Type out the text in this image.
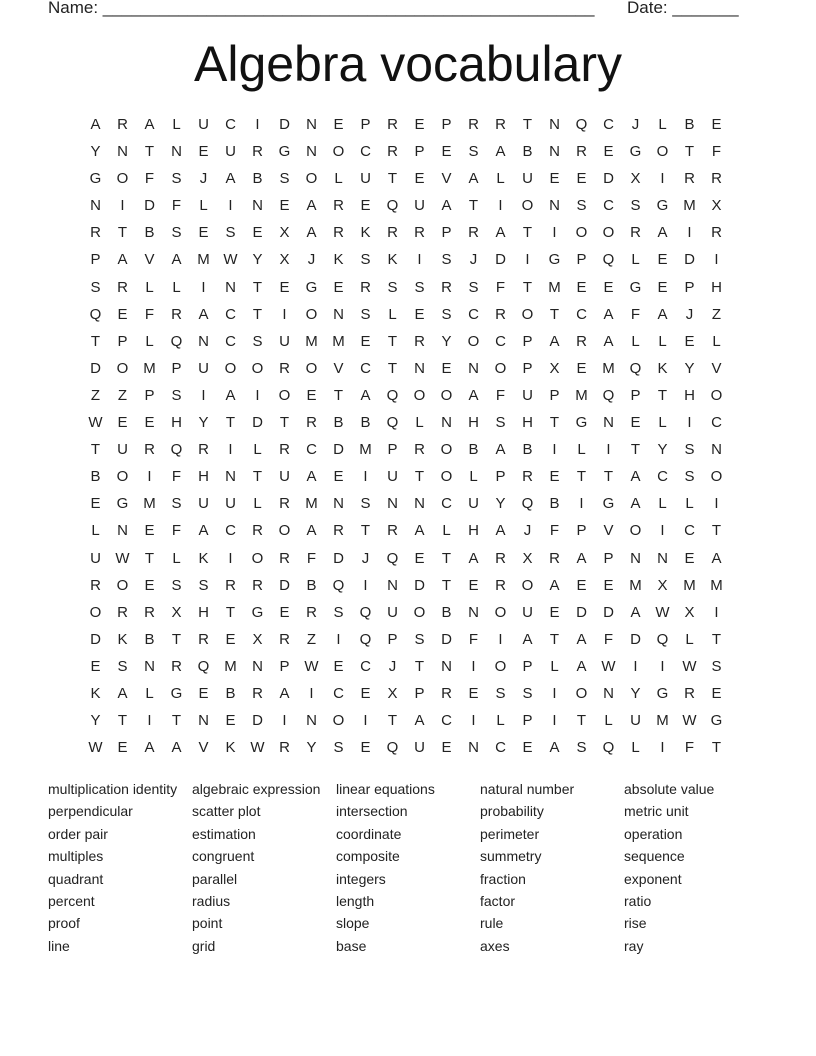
Name: ____________________________________________________ Date: _______
Algebra vocabulary
A	R	A	L	U	C	I	D	N	E	P	R	E	P	R	R	T	N	Q	C	J	L	B	E
Y	N	T	N	E	U	R	G	N	O	C	R	P	E	S	A	B	N	R	E	G	O	T	F
G	O	F	S	J	A	B	S	O	L	U	T	E	V	A	L	U	E	E	D	X	I	R	R
N	I	D	F	L	I	N	E	A	R	E	Q	U	A	T	I	O	N	S	C	S	G M	X
R	T	B	S	E	S	E	X	A	R	K	R	R	P	R	A	T	I	O	O	R	A	I	R
P	A	V	A	M W Y	X	J	K	S	K	I	S	J	D	I	G	P	Q	L	E	D	I
S	R	L	L	I	N	T	E	G	E	R	S	S	R	S	F	T	M	E	E	G	E	P	H
Q	E	F	R	A	C	T	I	O	N	S	L	E	S	C	R	O	T	C	A	F	A	J	Z
T	P	L	Q	N	C	S	U	M M	E	T	R	Y	O	C	P	A	R	A	L	L	E	L
D	O M	P	U	O	O	R	O	V	C	T	N	E	N	O	P	X	E	M Q	K	Y	V
Z	Z	P	S	I	A	I	O	E	T	A	Q	O	O	A	F	U	P	M Q	P	T	H	O
W E	E	H	Y	T	D	T	R	B	B	Q	L	N	H	S	H	T	G	N	E	L	I	C
T	U	R	Q	R	I	L	R	C	D	M	P	R	O	B	A	B	I	L	I	T	Y	S	N
B	O	I	F	H	N	T	U	A	E	I	U	T	O	L	P	R	E	T	T	A	C	S	O
E	G M	S	U	U	L	R	M	N	S	N	N	C	U	Y	Q	B	I	G	A	L	L	I
L	N	E	F	A	C	R	O	A	R	T	R	A	L	H	A	J	F	P	V	O	I	C	T
U W	T	L	K	I	O	R	F	D	J	Q	E	T	A	R	X	R	A	P	N	N	E	A
R	O	E	S	S	R	R	D	B	Q	I	N	D	T	E	R	O	A	E	E	M	X	M M
O	R	R	X	H	T	G	E	R	S	Q	U	O	B	N	O	U	E	D	D	A W X	I
D	K	B	T	R	E	X	R	Z	I	Q	P	S	D	F	I	A	T	A	F	D	Q	L	T
E	S	N	R	Q M	N	P W E	C	J	T	N	I	O	P	L	A W	I	I	W S
K	A	L	G	E	B	R	A	I	C	E	X	P	R	E	S	S	I	O	N	Y	G	R	E
Y	T	I	T	N	E	D	I	N	O	I	T	A	C	I	L	P	I	T	L	U	M W G
W E	A	A	V	K W R	Y	S	E	Q	U	E	N	C	E	A	S	Q	L	I	F	T
multiplication identity	algebraic expression	linear equations	natural number	absolute value
perpendicular	scatter plot	intersection	probability	metric unit
order pair	estimation	coordinate	perimeter	operation
multiples	congruent	composite	summetry	sequence
quadrant	parallel	integers	fraction	exponent
percent	radius	length	factor	ratio
proof	point	slope	rule	rise
line	grid	base	axes	ray
